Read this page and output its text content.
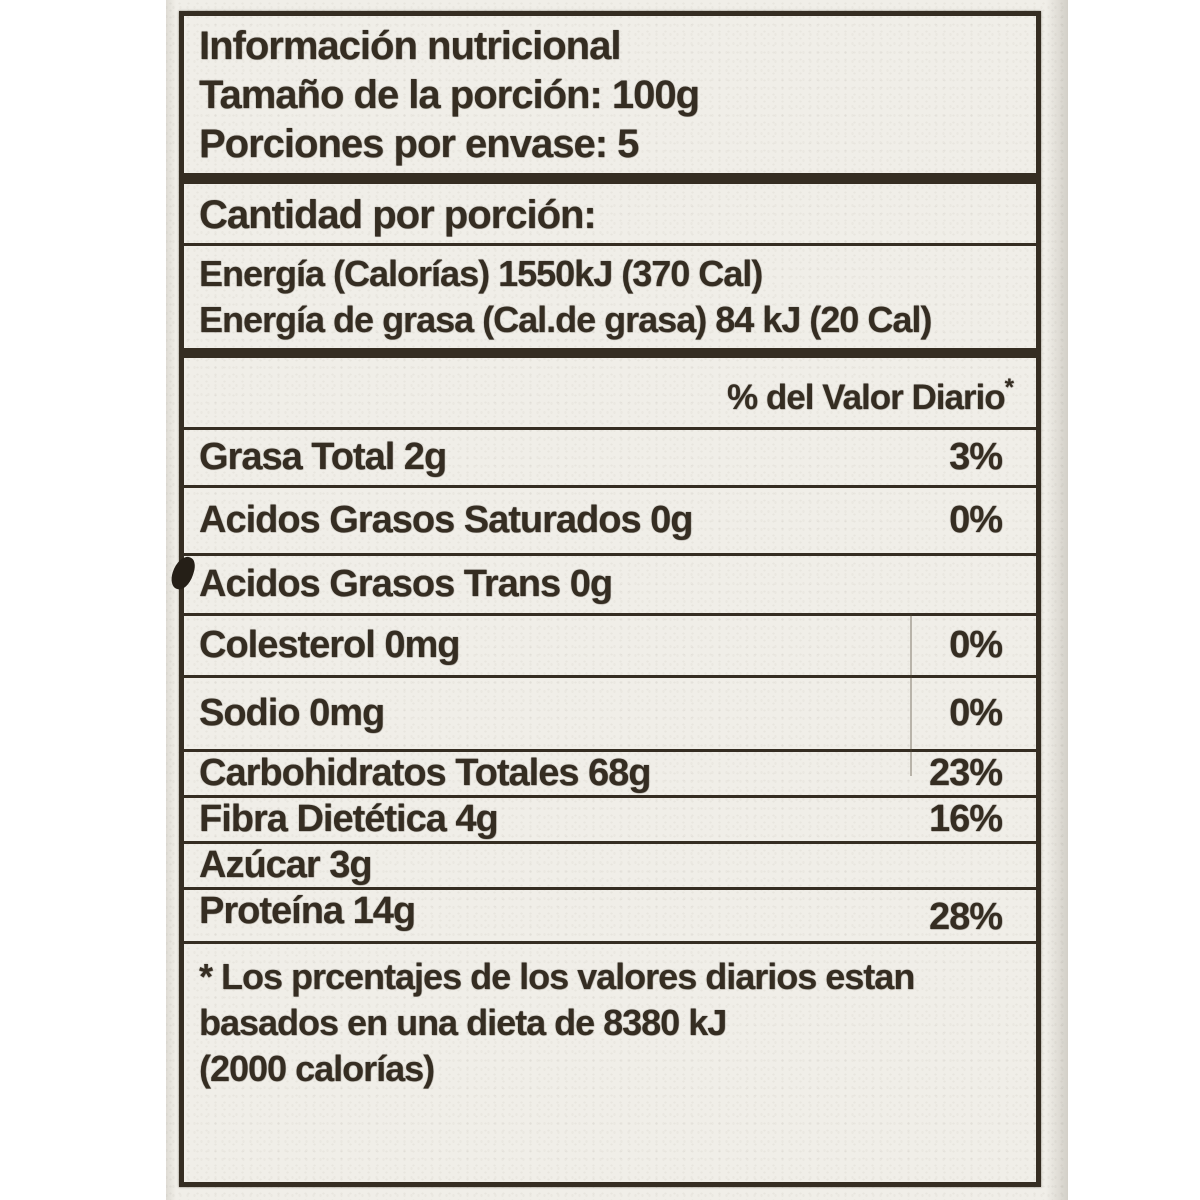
Información nutricional
Tamaño de la porción: 100g
Porciones por envase: 5
Cantidad por porción:
Energía (Calorías) 1550kJ (370 Cal)
Energía de grasa (Cal.de grasa) 84 kJ (20 Cal)
% del Valor Diario*
Grasa Total 2g	3%
Acidos Grasos Saturados 0g	0%
Acidos Grasos Trans 0g
Colesterol 0mg	0%
Sodio 0mg	0%
Carbohidratos Totales 68g	23%
Fibra Dietética 4g	16%
Azúcar 3g
Proteína 14g	28%
* Los prcentajes de los valores diarios estan
basados en una dieta de 8380 kJ
(2000 calorías)
